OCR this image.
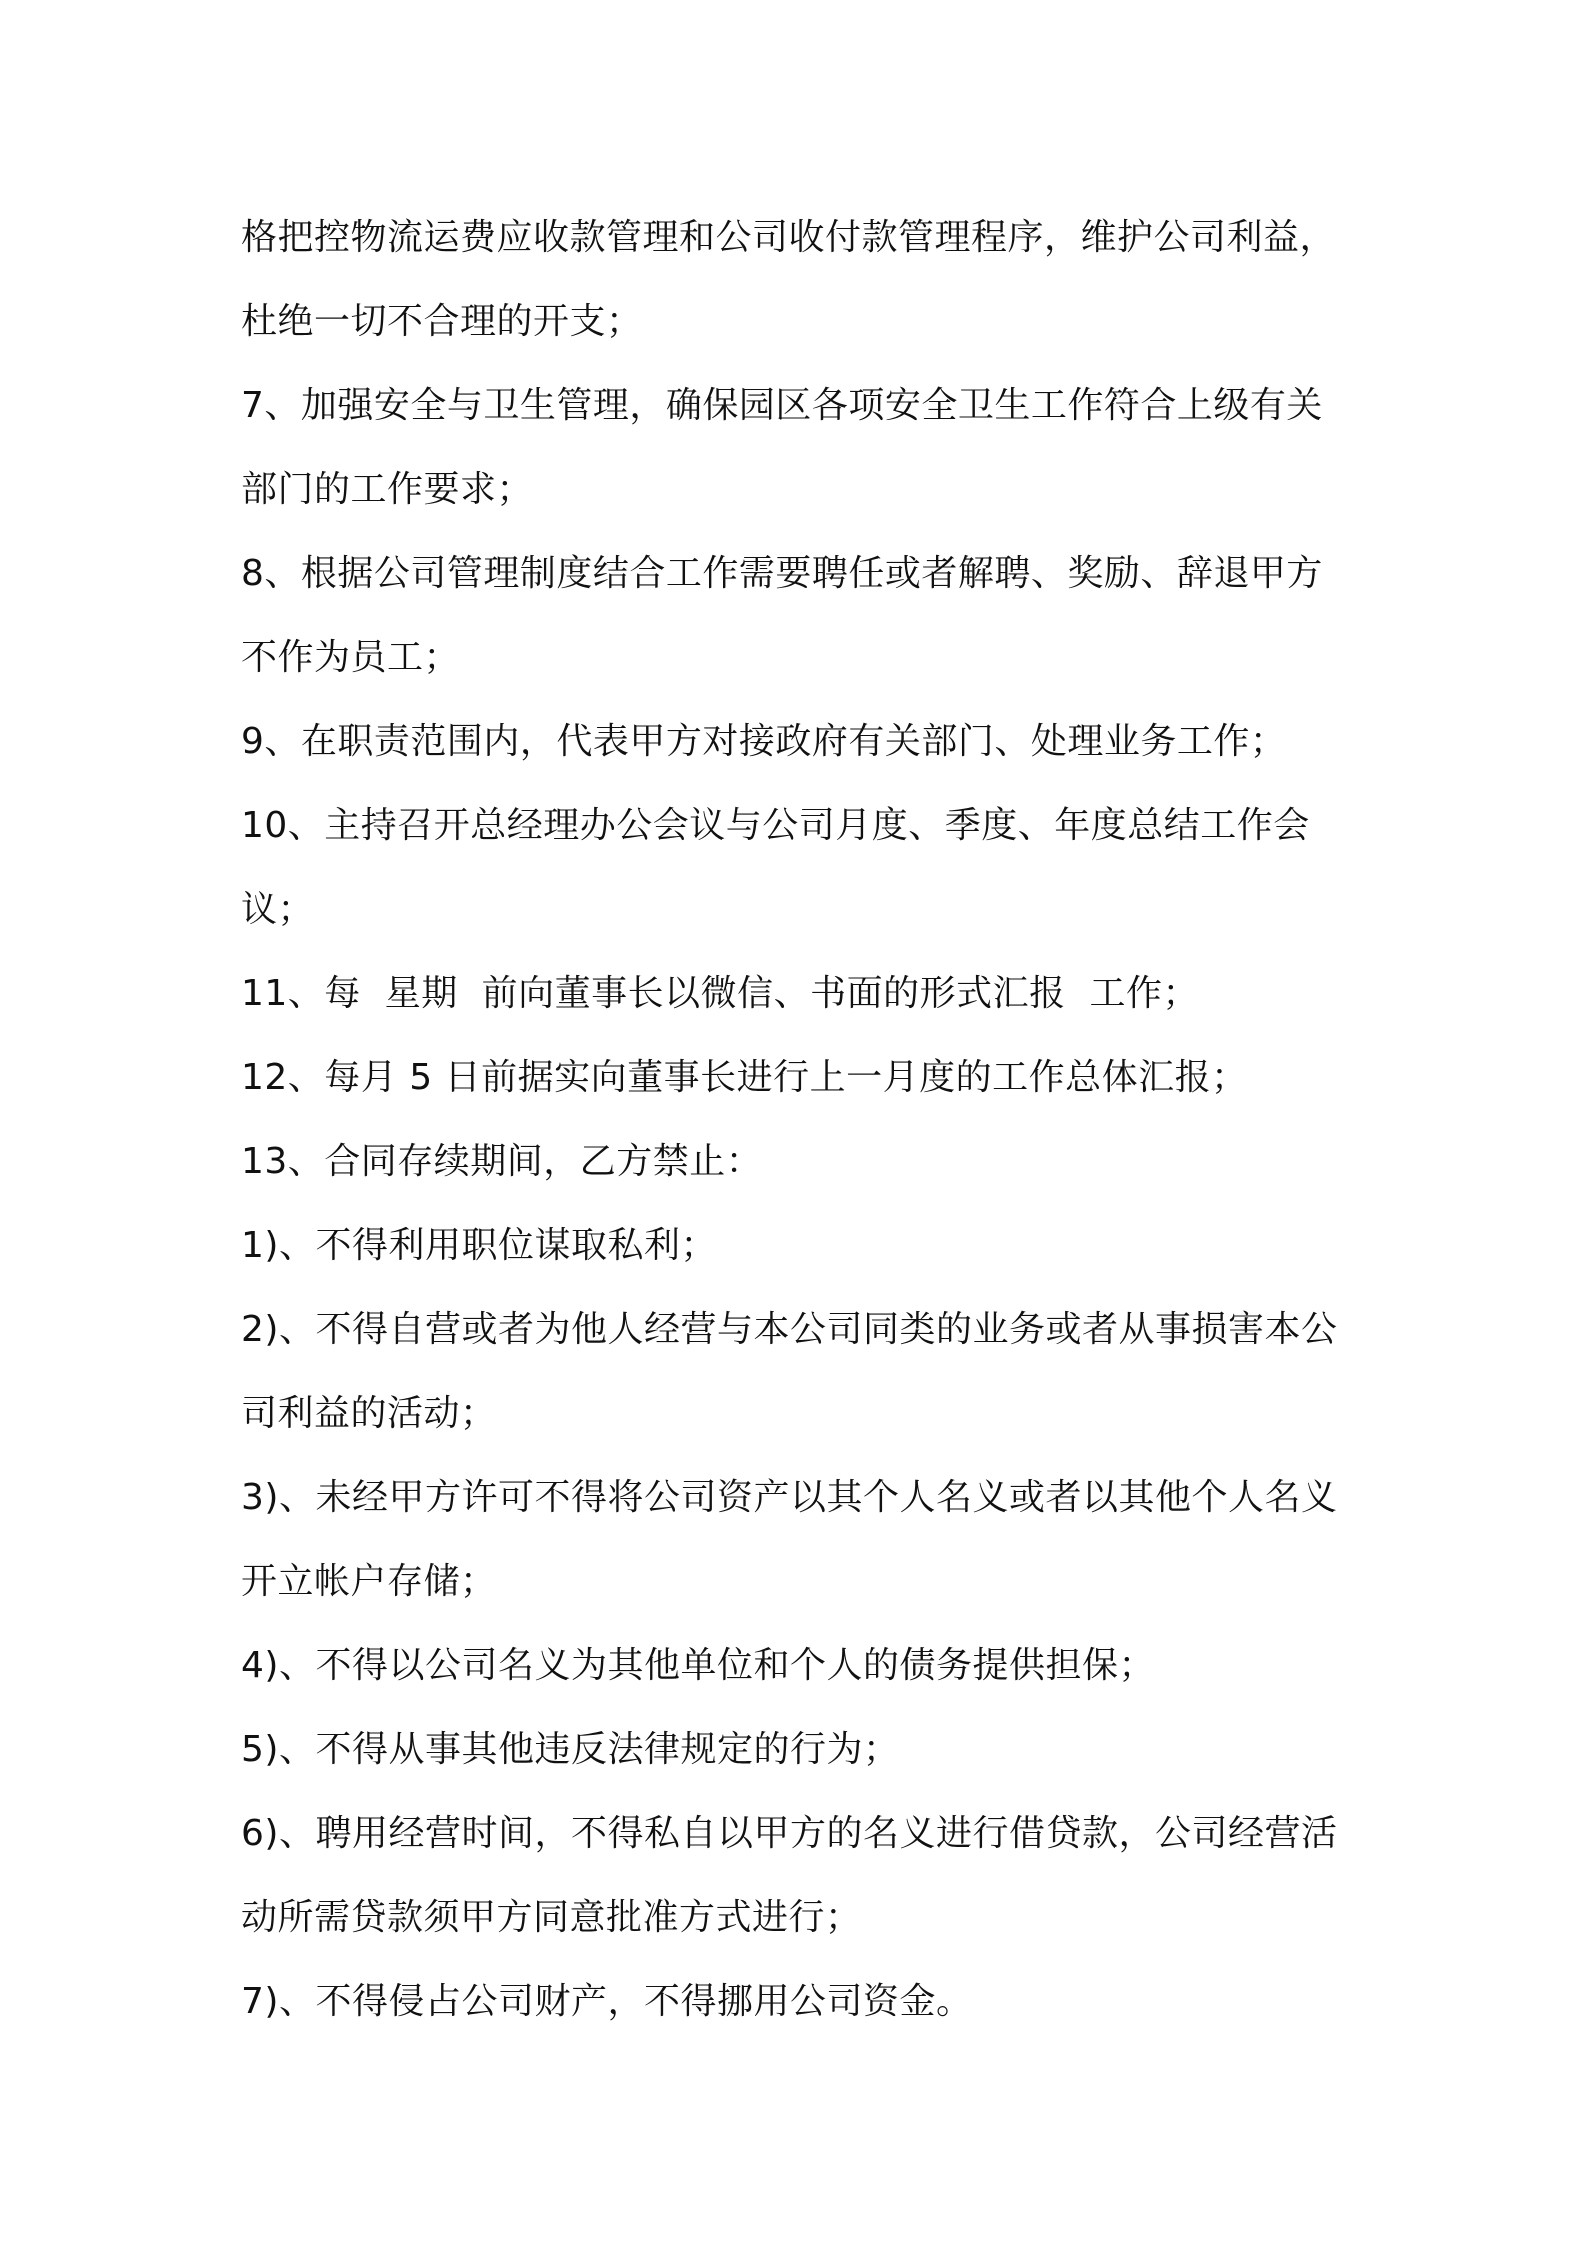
格把控物流运费应收款管理和公司收付款管理程序，维护公司利益，
杜绝一切不合理的开支；
7、加强安全与卫生管理，确保园区各项安全卫生工作符合上级有关
部门的工作要求；
8、根据公司管理制度结合工作需要聘任或者解聘、奖励、辞退甲方
不作为员工；
9、在职责范围内，代表甲方对接政府有关部门、处理业务工作；
10、主持召开总经理办公会议与公司月度、季度、年度总结工作会
议；
11、每  星期  前向董事长以微信、书面的形式汇报  工作；
12、每月 5 日前据实向董事长进行上一月度的工作总体汇报；
13、合同存续期间，乙方禁止：
1)、不得利用职位谋取私利；
2)、不得自营或者为他人经营与本公司同类的业务或者从事损害本公
司利益的活动；
3)、未经甲方许可不得将公司资产以其个人名义或者以其他个人名义
开立帐户存储；
4)、不得以公司名义为其他单位和个人的债务提供担保；
5)、不得从事其他违反法律规定的行为；
6)、聘用经营时间，不得私自以甲方的名义进行借贷款，公司经营活
动所需贷款须甲方同意批准方式进行；
7)、不得侵占公司财产，不得挪用公司资金。
